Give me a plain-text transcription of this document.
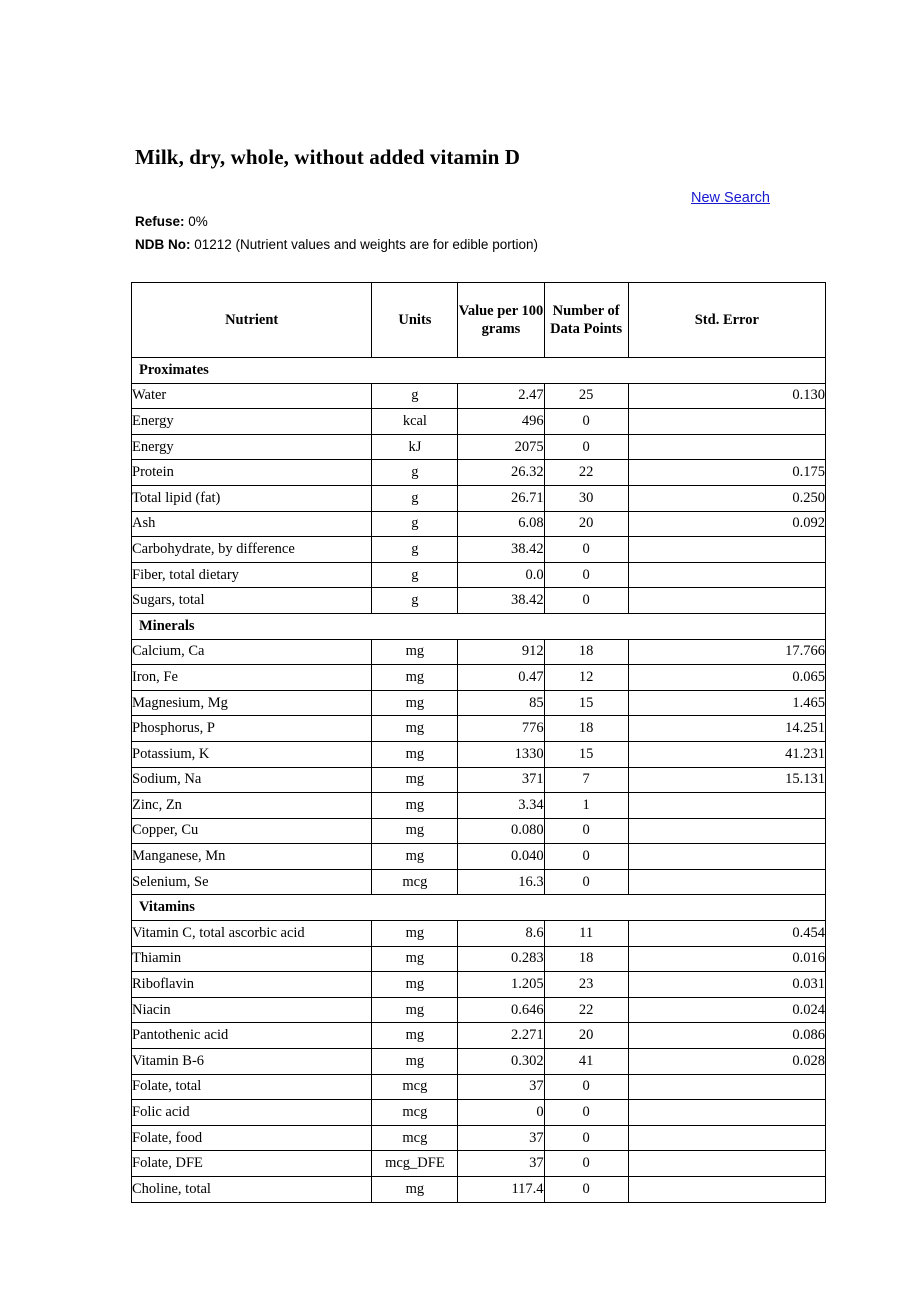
Milk, dry, whole, without added vitamin D
New Search
Refuse: 0%
NDB No: 01212 (Nutrient values and weights are for edible portion)
Nutrient	Units	Value per 100 grams	Number of Data Points	Std. Error
Proximates				
Water	g	2.47	25	0.130
Energy	kcal	496	0	
Energy	kJ	2075	0	
Protein	g	26.32	22	0.175
Total lipid (fat)	g	26.71	30	0.250
Ash	g	6.08	20	0.092
Carbohydrate, by difference	g	38.42	0	
Fiber, total dietary	g	0.0	0	
Sugars, total	g	38.42	0	
Minerals				
Calcium, Ca	mg	912	18	17.766
Iron, Fe	mg	0.47	12	0.065
Magnesium, Mg	mg	85	15	1.465
Phosphorus, P	mg	776	18	14.251
Potassium, K	mg	1330	15	41.231
Sodium, Na	mg	371	7	15.131
Zinc, Zn	mg	3.34	1	
Copper, Cu	mg	0.080	0	
Manganese, Mn	mg	0.040	0	
Selenium, Se	mcg	16.3	0	
Vitamins				
Vitamin C, total ascorbic acid	mg	8.6	11	0.454
Thiamin	mg	0.283	18	0.016
Riboflavin	mg	1.205	23	0.031
Niacin	mg	0.646	22	0.024
Pantothenic acid	mg	2.271	20	0.086
Vitamin B-6	mg	0.302	41	0.028
Folate, total	mcg	37	0	
Folic acid	mcg	0	0	
Folate, food	mcg	37	0	
Folate, DFE	mcg_DFE	37	0	
Choline, total	mg	117.4	0	
